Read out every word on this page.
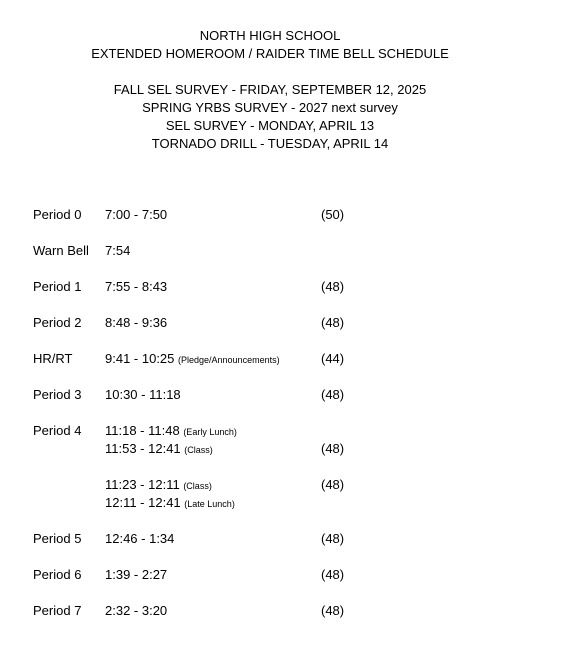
NORTH HIGH SCHOOL
EXTENDED HOMEROOM / RAIDER TIME BELL SCHEDULE
FALL SEL SURVEY - FRIDAY, SEPTEMBER 12, 2025
SPRING YRBS SURVEY - 2027 next survey
SEL SURVEY - MONDAY, APRIL 13
TORNADO DRILL - TUESDAY, APRIL 14
Period 0	7:00 - 7:50	(50)
Warn Bell	7:54
Period 1	7:55 - 8:43	(48)
Period 2	8:48 - 9:36	(48)
HR/RT	9:41 - 10:25 (Pledge/Announcements)	(44)
Period 3	10:30 - 11:18	(48)
Period 4	11:18 - 11:48 (Early Lunch)
11:53 - 12:41 (Class)	(48)
11:23 - 12:11 (Class)	(48)
12:11 - 12:41 (Late Lunch)
Period 5	12:46 - 1:34	(48)
Period 6	1:39 - 2:27	(48)
Period 7	2:32 - 3:20	(48)
